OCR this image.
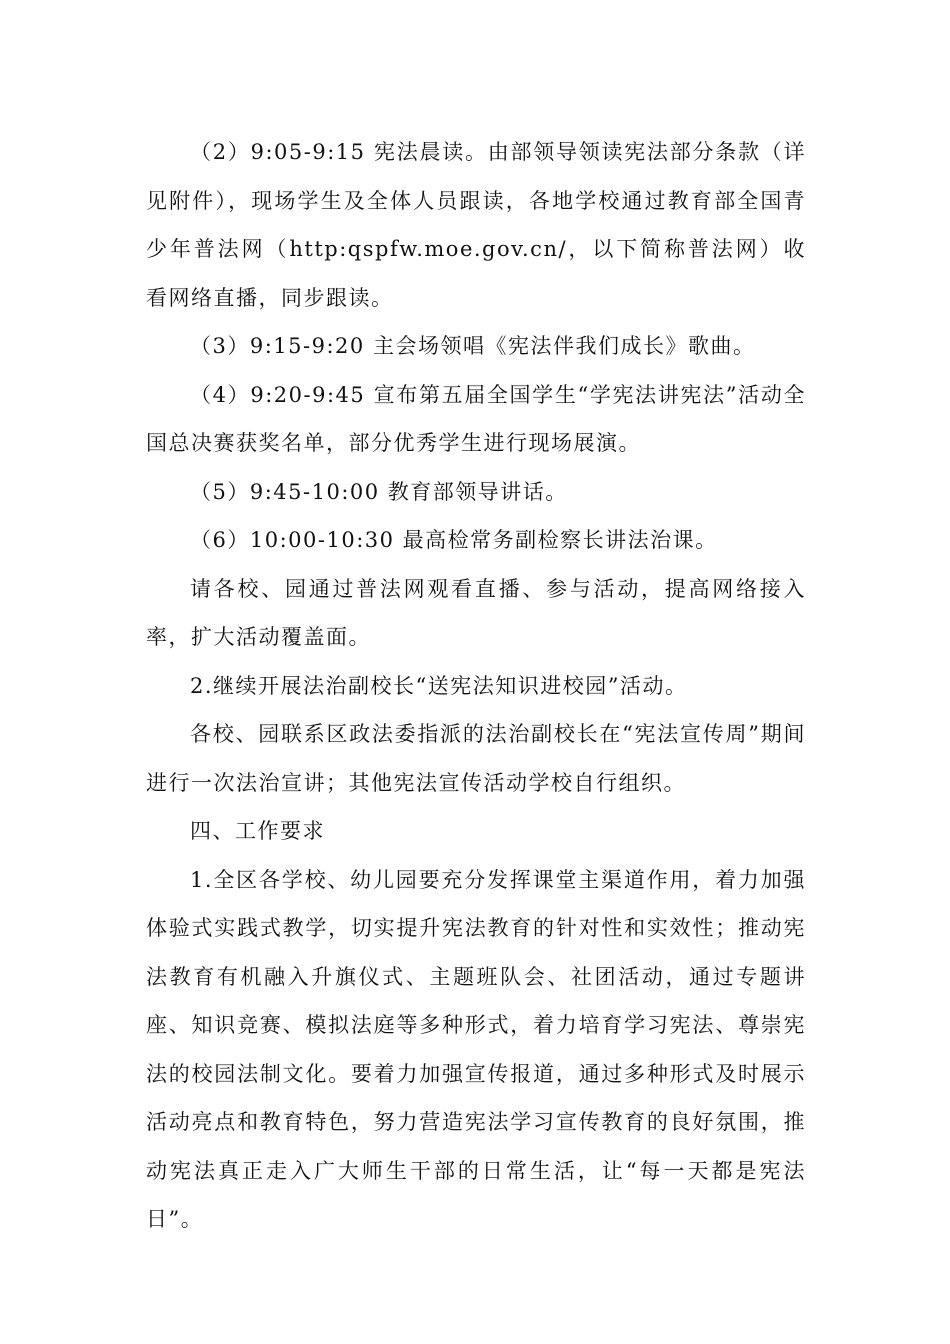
（2）9:05-9:15 宪法晨读。由部领导领读宪法部分条款（详见附件），现场学生及全体人员跟读，各地学校通过教育部全国青少年普法网（http:qspfw.moe.gov.cn/，以下简称普法网）收看网络直播，同步跟读。

（3）9:15-9:20 主会场领唱《宪法伴我们成长》歌曲。

（4）9:20-9:45 宣布第五届全国学生“学宪法讲宪法”活动全国总决赛获奖名单，部分优秀学生进行现场展演。

（5）9:45-10:00 教育部领导讲话。

（6）10:00-10:30 最高检常务副检察长讲法治课。

请各校、园通过普法网观看直播、参与活动，提高网络接入率，扩大活动覆盖面。

2.继续开展法治副校长“送宪法知识进校园”活动。

各校、园联系区政法委指派的法治副校长在“宪法宣传周”期间进行一次法治宣讲；其他宪法宣传活动学校自行组织。

四、工作要求

1.全区各学校、幼儿园要充分发挥课堂主渠道作用，着力加强体验式实践式教学，切实提升宪法教育的针对性和实效性；推动宪法教育有机融入升旗仪式、主题班队会、社团活动，通过专题讲座、知识竞赛、模拟法庭等多种形式，着力培育学习宪法、尊崇宪法的校园法制文化。要着力加强宣传报道，通过多种形式及时展示活动亮点和教育特色，努力营造宪法学习宣传教育的良好氛围，推动宪法真正走入广大师生干部的日常生活，让“每一天都是宪法日”。
